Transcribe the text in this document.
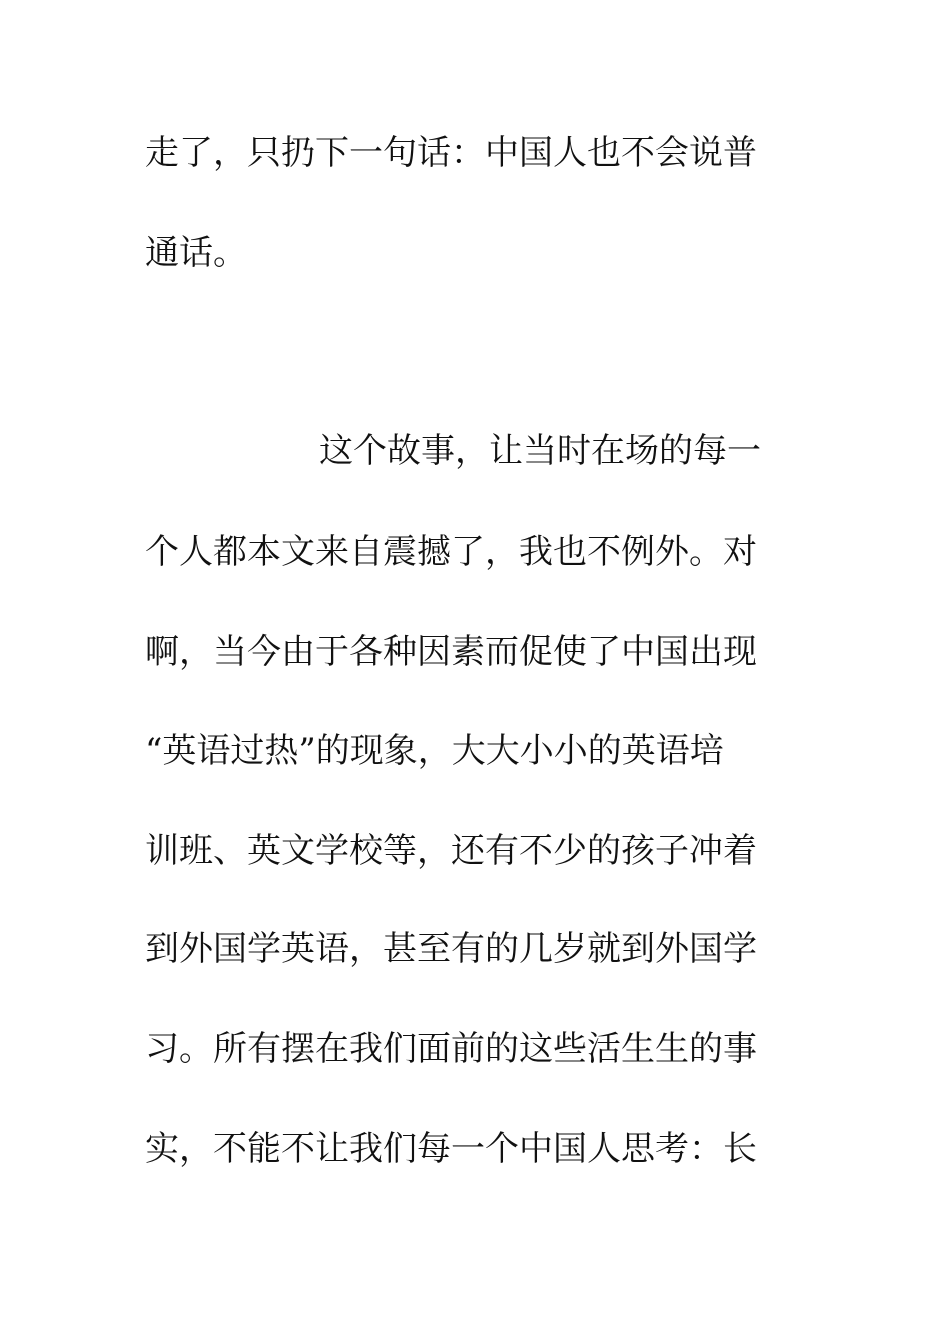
走了，只扔下一句话：中国人也不会说普
通话。
这个故事，让当时在场的每一
个人都本文来自震撼了，我也不例外。对
啊，当今由于各种因素而促使了中国出现
“英语过热”的现象，大大小小的英语培
训班、英文学校等，还有不少的孩子冲着
到外国学英语，甚至有的几岁就到外国学
习。所有摆在我们面前的这些活生生的事
实，不能不让我们每一个中国人思考：长
